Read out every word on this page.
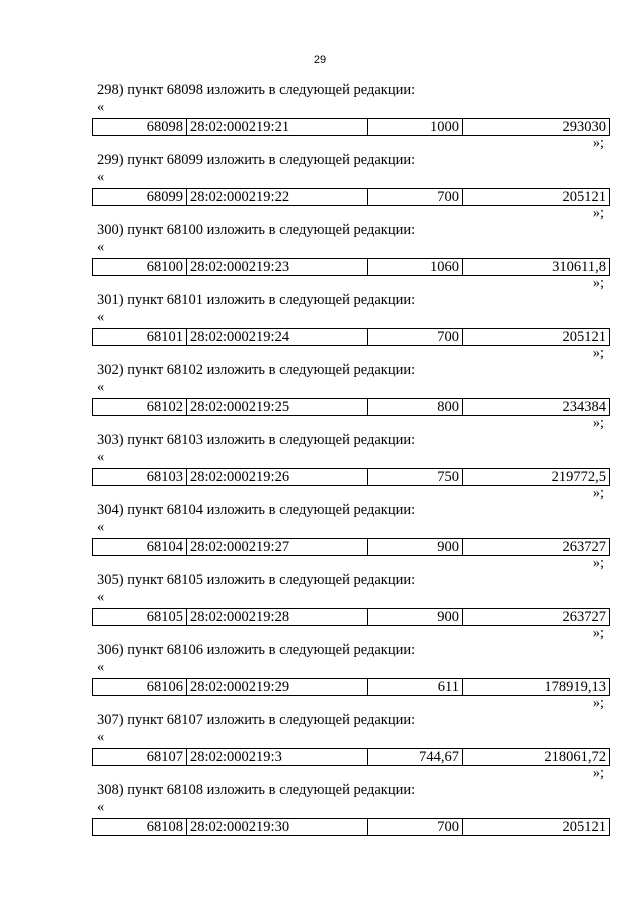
29
298) пункт 68098 изложить в следующей редакции:
«
68098	28:02:000219:21	1000	293030
»;
299) пункт 68099 изложить в следующей редакции:
«
68099	28:02:000219:22	700	205121
»;
300) пункт 68100 изложить в следующей редакции:
«
68100	28:02:000219:23	1060	310611,8
»;
301) пункт 68101 изложить в следующей редакции:
«
68101	28:02:000219:24	700	205121
»;
302) пункт 68102 изложить в следующей редакции:
«
68102	28:02:000219:25	800	234384
»;
303) пункт 68103 изложить в следующей редакции:
«
68103	28:02:000219:26	750	219772,5
»;
304) пункт 68104 изложить в следующей редакции:
«
68104	28:02:000219:27	900	263727
»;
305) пункт 68105 изложить в следующей редакции:
«
68105	28:02:000219:28	900	263727
»;
306) пункт 68106 изложить в следующей редакции:
«
68106	28:02:000219:29	611	178919,13
»;
307) пункт 68107 изложить в следующей редакции:
«
68107	28:02:000219:3	744,67	218061,72
»;
308) пункт 68108 изложить в следующей редакции:
«
68108	28:02:000219:30	700	205121
